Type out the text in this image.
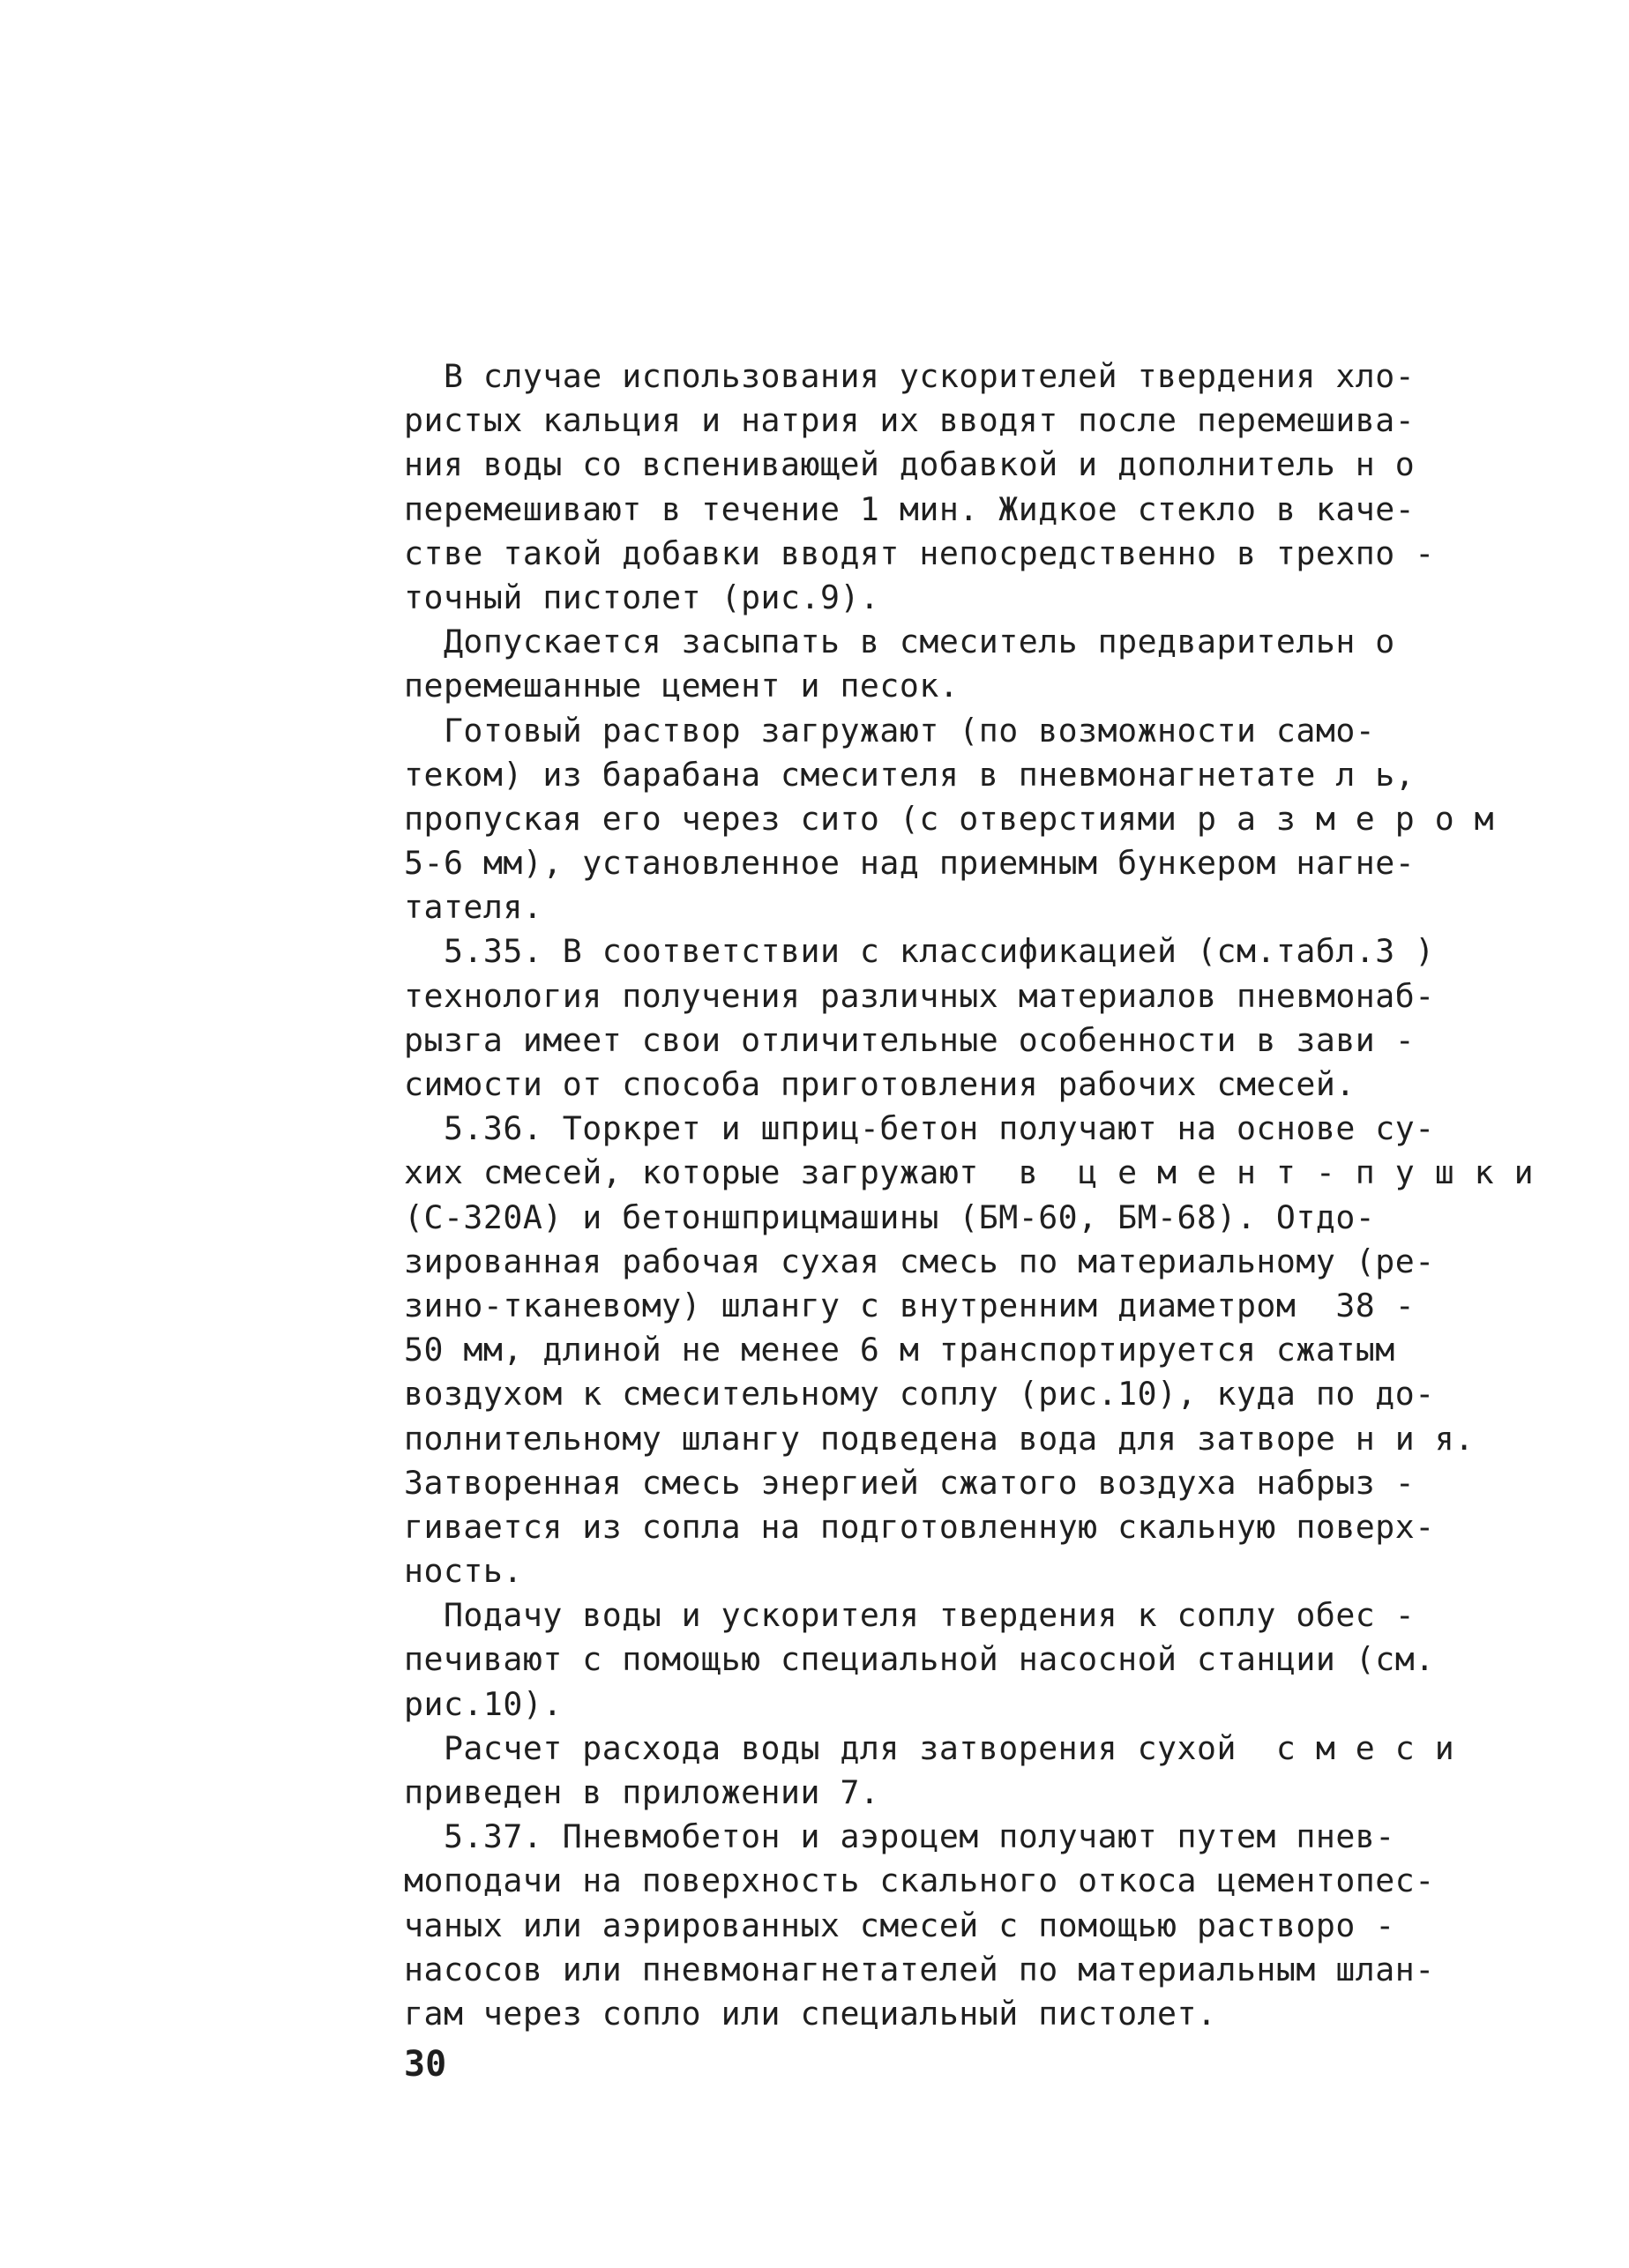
В случае использования ускорителей твердения хло-
ристых кальция и натрия их вводят после перемешива-
ния воды со вспенивающей добавкой и дополнитель н о
перемешивают в течение 1 мин. Жидкое стекло в каче-
стве такой добавки вводят непосредственно в трехпо -
точный пистолет (рис.9).
Допускается засыпать в смеситель предварительн о
перемешанные цемент и песок.
Готовый раствор загружают (по возможности само-
теком) из барабана смесителя в пневмонагнетате л ь,
пропуская его через сито (с отверстиями р а з м е р о м
5-6 мм), установленное над приемным бункером нагне-
тателя.
5.35. В соответствии с классификацией (см.табл.3 )
технология получения различных материалов пневмонаб-
рызга имеет свои отличительные особенности в зави -
симости от способа приготовления рабочих смесей.
5.36. Торкрет и шприц-бетон получают на основе су-
хих смесей, которые загружают  в  ц е м е н т - п у ш к и
(С-320А) и бетоншприцмашины (БМ-60, БМ-68). Отдо-
зированная рабочая сухая смесь по материальному (ре-
зино-тканевому) шлангу с внутренним диаметром  38 -
50 мм, длиной не менее 6 м транспортируется сжатым
воздухом к смесительному соплу (рис.10), куда по до-
полнительному шлангу подведена вода для затворе н и я.
Затворенная смесь энергией сжатого воздуха набрыз -
гивается из сопла на подготовленную скальную поверх-
ность.
Подачу воды и ускорителя твердения к соплу обес -
печивают с помощью специальной насосной станции (см.
рис.10).
Расчет расхода воды для затворения сухой  с м е с и
приведен в приложении 7.
5.37. Пневмобетон и аэроцем получают путем пнев-
моподачи на поверхность скального откоса цементопес-
чаных или аэрированных смесей с помощью растворо -
насосов или пневмонагнетателей по материальным шлан-
гам через сопло или специальный пистолет.
30
